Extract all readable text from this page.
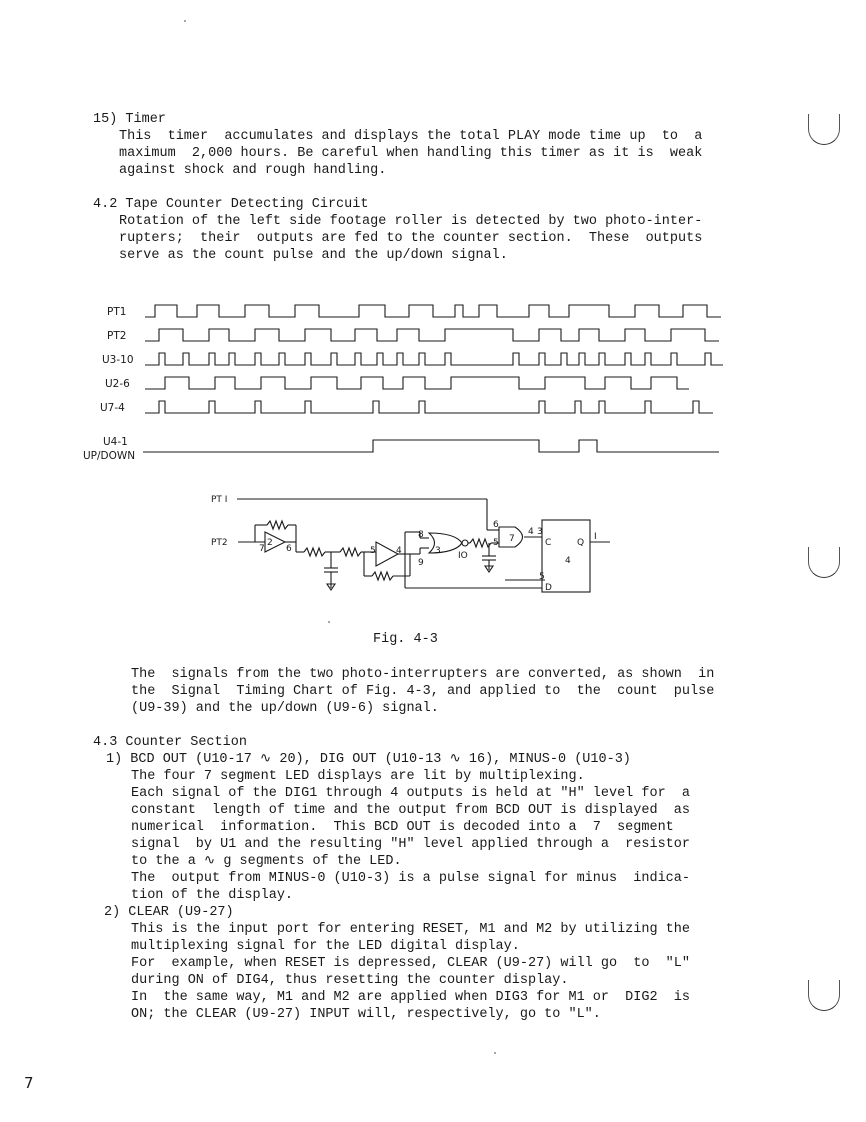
15) Timer
This  timer  accumulates and displays the total PLAY mode time up  to  a
maximum  2,000 hours. Be careful when handling this timer as it is  weak
against shock and rough handling.
4.2 Tape Counter Detecting Circuit
Rotation of the left side footage roller is detected by two photo-inter-
rupters;  their  outputs are fed to the counter section.  These  outputs
serve as the count pulse and the up/down signal.
PT1
PT2
U3-10
U2-6
U7-4
U4-1
UP/DOWN
PT I
PT2	2
7 6	5 4
9
8
3 IO
6
5 7
4 3
C	Q
4
5
D
I
Fig. 4-3
The  signals from the two photo-interrupters are converted, as shown  in
the  Signal  Timing Chart of Fig. 4-3, and applied to  the  count  pulse
(U9-39) and the up/down (U9-6) signal.
4.3 Counter Section
1) BCD OUT (U10-17 ∿ 20), DIG OUT (U10-13 ∿ 16), MINUS-0 (U10-3)
The four 7 segment LED displays are lit by multiplexing.
Each signal of the DIG1 through 4 outputs is held at "H" level for  a
constant  length of time and the output from BCD OUT is displayed  as
numerical  information.  This BCD OUT is decoded into a  7  segment
signal  by U1 and the resulting "H" level applied through a  resistor
to the a ∿ g segments of the LED.
The  output from MINUS-0 (U10-3) is a pulse signal for minus  indica-
tion of the display.
2) CLEAR (U9-27)
This is the input port for entering RESET, M1 and M2 by utilizing the
multiplexing signal for the LED digital display.
For  example, when RESET is depressed, CLEAR (U9-27) will go  to  "L"
during ON of DIG4, thus resetting the counter display.
In  the same way, M1 and M2 are applied when DIG3 for M1 or  DIG2  is
ON; the CLEAR (U9-27) INPUT will, respectively, go to "L".
7
